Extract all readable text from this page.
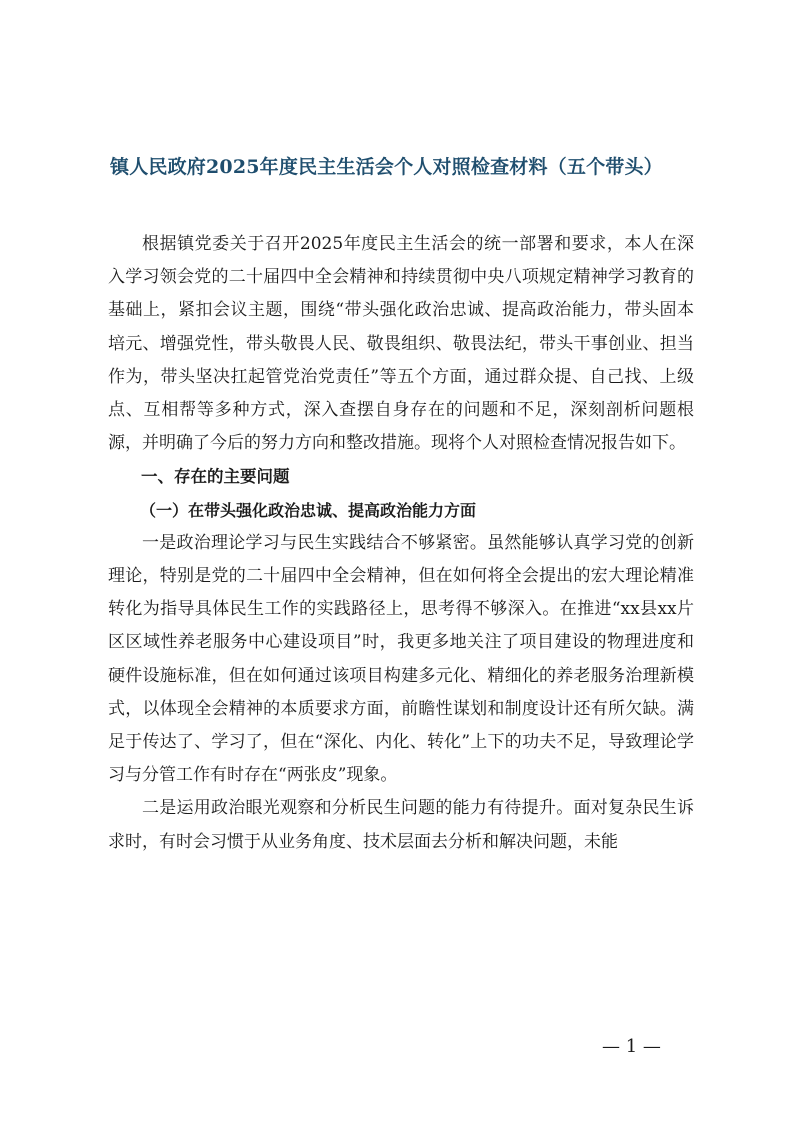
镇人民政府2025年度民主生活会个人对照检查材料（五个带头）

根据镇党委关于召开2025年度民主生活会的统一部署和要求，本人在深入学习领会党的二十届四中全会精神和持续贯彻中央八项规定精神学习教育的基础上，紧扣会议主题，围绕“带头强化政治忠诚、提高政治能力，带头固本培元、增强党性，带头敬畏人民、敬畏组织、敬畏法纪，带头干事创业、担当作为，带头坚决扛起管党治党责任”等五个方面，通过群众提、自己找、上级点、互相帮等多种方式，深入查摆自身存在的问题和不足，深刻剖析问题根源，并明确了今后的努力方向和整改措施。现将个人对照检查情况报告如下。

一、存在的主要问题

（一）在带头强化政治忠诚、提高政治能力方面

一是政治理论学习与民生实践结合不够紧密。虽然能够认真学习党的创新理论，特别是党的二十届四中全会精神，但在如何将全会提出的宏大理论精准转化为指导具体民生工作的实践路径上，思考得不够深入。在推进“xx县xx片区区域性养老服务中心建设项目”时，我更多地关注了项目建设的物理进度和硬件设施标准，但在如何通过该项目构建多元化、精细化的养老服务治理新模式，以体现全会精神的本质要求方面，前瞻性谋划和制度设计还有所欠缺。满足于传达了、学习了，但在“深化、内化、转化”上下的功夫不足，导致理论学习与分管工作有时存在“两张皮”现象。

二是运用政治眼光观察和分析民生问题的能力有待提升。面对复杂民生诉求时，有时会习惯于从业务角度、技术层面去分析和解决问题，未能

— 1 —
